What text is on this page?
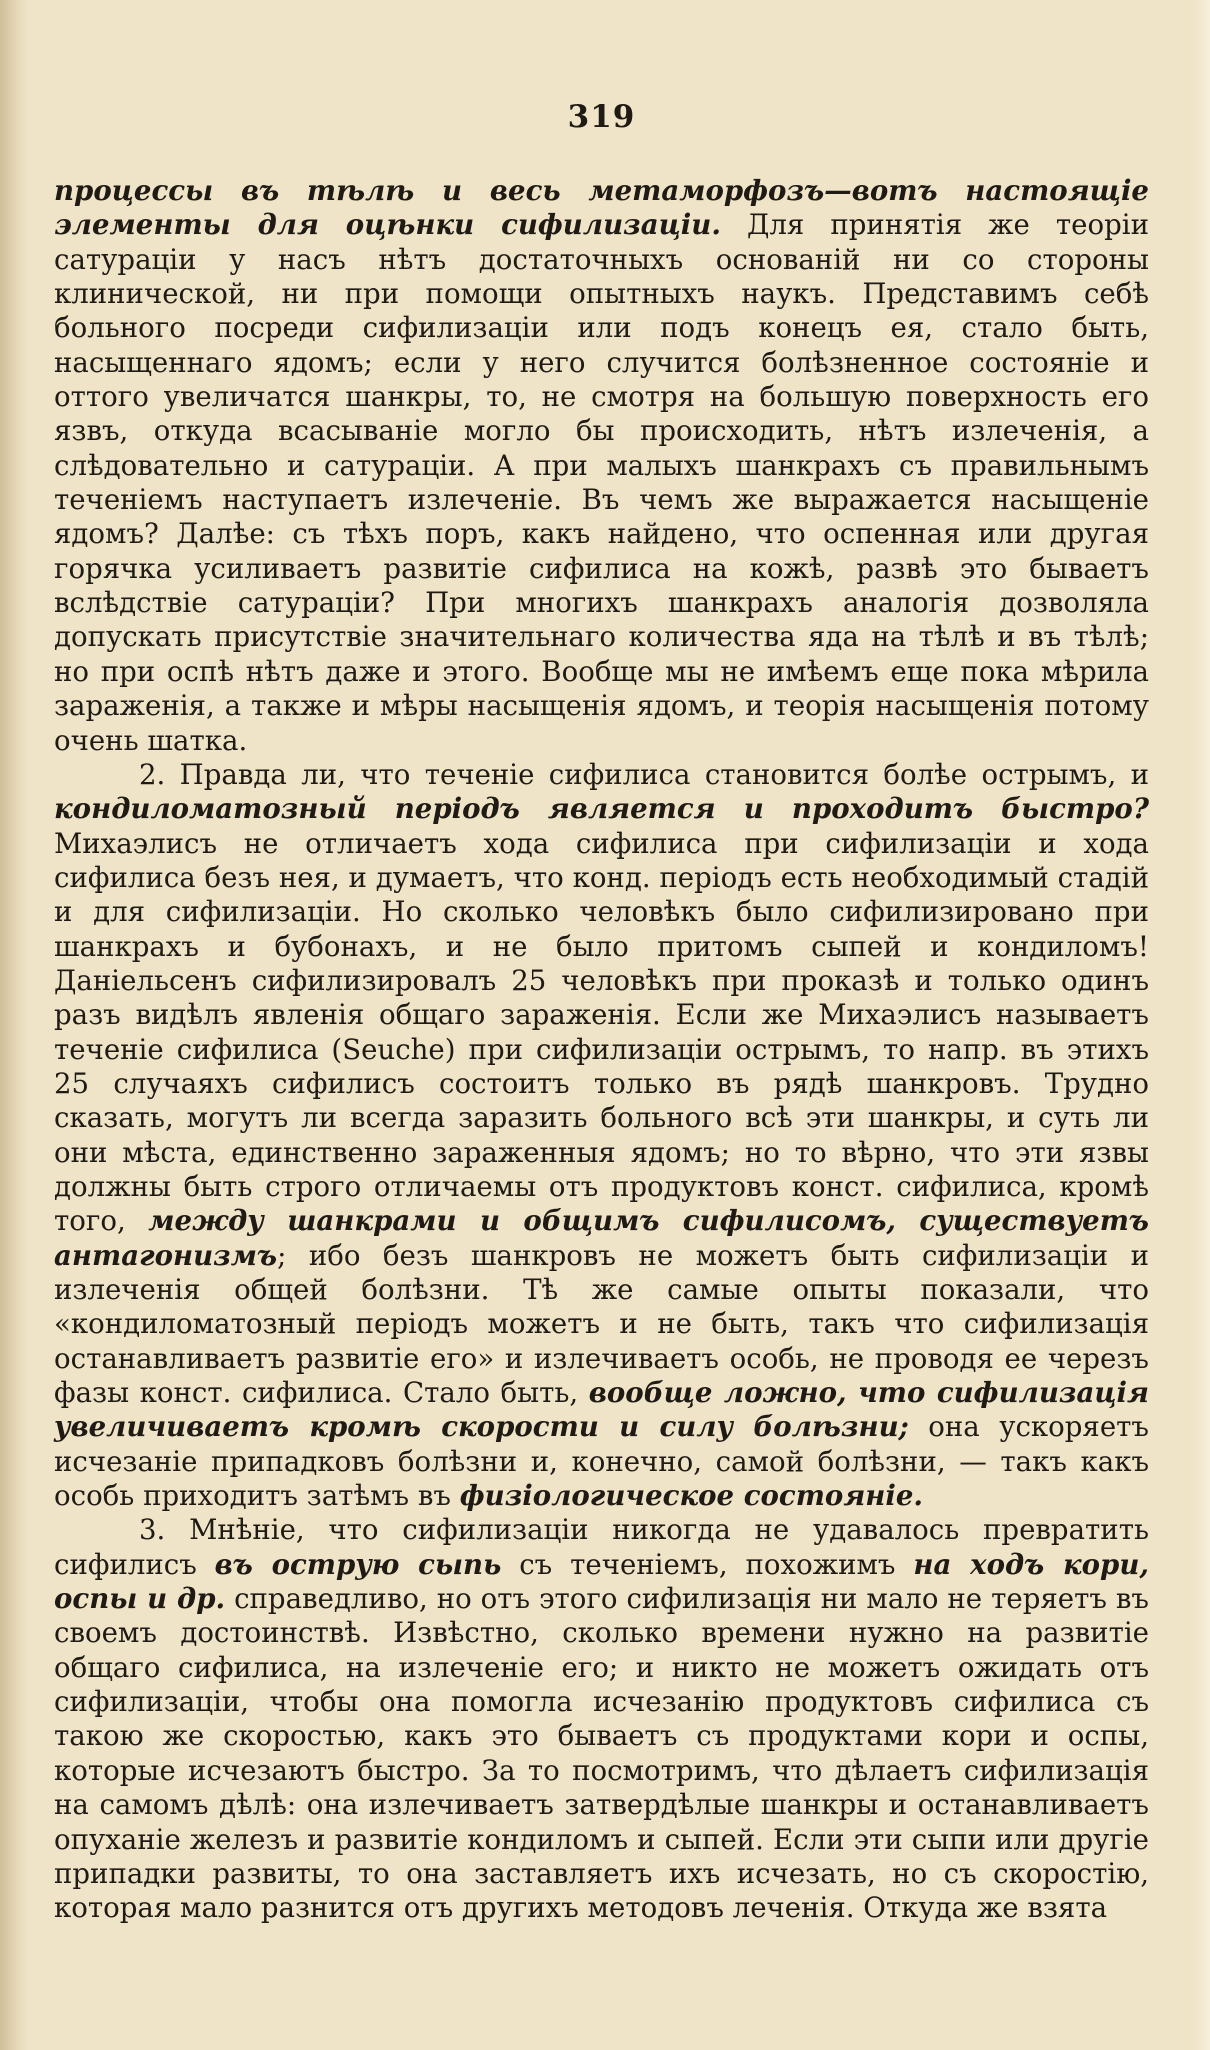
319

процессы въ тѣлѣ и весь метаморфозъ—вотъ настоящіе элементы для оцѣнки сифилизаціи. Для принятія же теоріи сатураціи у насъ нѣтъ достаточныхъ основаній ни со стороны клинической, ни при помощи опытныхъ наукъ. Представимъ себѣ больного посреди сифилизаціи или подъ конецъ ея, стало быть, насыщеннаго ядомъ; если у него случится болѣзненное состояніе и оттого увеличатся шанкры, то, не смотря на большую поверхность его язвъ, откуда всасываніе могло бы происходить, нѣтъ излеченія, а слѣдовательно и сатураціи. А при малыхъ шанкрахъ съ правильнымъ теченіемъ наступаетъ излеченіе. Въ чемъ же выражается насыщеніе ядомъ? Далѣе: съ тѣхъ поръ, какъ найдено, что оспенная или другая горячка усиливаетъ развитіе сифилиса на кожѣ, развѣ это бываетъ вслѣдствіе сатураціи? При многихъ шанкрахъ аналогія дозволяла допускать присутствіе значительнаго количества яда на тѣлѣ и въ тѣлѣ; но при оспѣ нѣтъ даже и этого. Вообще мы не имѣемъ еще пока мѣрила зараженія, а также и мѣры насыщенія ядомъ, и теорія насыщенія потому очень шатка.

2. Правда ли, что теченіе сифилиса становится болѣе острымъ, и кондиломатозный періодъ является и проходитъ быстро? Михаэлисъ не отличаетъ хода сифилиса при сифилизаціи и хода сифилиса безъ нея, и думаетъ, что конд. періодъ есть необходимый стадій и для сифилизаціи. Но сколько человѣкъ было сифилизировано при шанкрахъ и бубонахъ, и не было притомъ сыпей и кондиломъ! Даніельсенъ сифилизировалъ 25 человѣкъ при проказѣ и только одинъ разъ видѣлъ явленія общаго зараженія. Если же Михаэлисъ называетъ теченіе сифилиса (Seuche) при сифилизаціи острымъ, то напр. въ этихъ 25 случаяхъ сифилисъ состоитъ только въ рядѣ шанкровъ. Трудно сказать, могутъ ли всегда заразить больного всѣ эти шанкры, и суть ли они мѣста, единственно зараженныя ядомъ; но то вѣрно, что эти язвы должны быть строго отличаемы отъ продуктовъ конст. сифилиса, кромѣ того, между шанкрами и общимъ сифилисомъ, существуетъ антагонизмъ; ибо безъ шанкровъ не можетъ быть сифилизаціи и излеченія общей болѣзни. Тѣ же самые опыты показали, что «кондиломатозный періодъ можетъ и не быть, такъ что сифилизація останавливаетъ развитіе его» и излечиваетъ особь, не проводя ее черезъ фазы конст. сифилиса. Стало быть, вообще ложно, что сифилизація увеличиваетъ кромѣ скорости и силу болѣзни; она ускоряетъ исчезаніе припадковъ болѣзни и, конечно, самой болѣзни, — такъ какъ особь приходитъ затѣмъ въ физіологическое состояніе.

3. Мнѣніе, что сифилизаціи никогда не удавалось превратить сифилисъ въ острую сыпь съ теченіемъ, похожимъ на ходъ кори, оспы и др. справедливо, но отъ этого сифилизація ни мало не теряетъ въ своемъ достоинствѣ. Извѣстно, сколько времени нужно на развитіе общаго сифилиса, на излеченіе его; и никто не можетъ ожидать отъ сифилизаціи, чтобы она помогла исчезанію продуктовъ сифилиса съ такою же скоростью, какъ это бываетъ съ продуктами кори и оспы, которые исчезаютъ быстро. За то посмотримъ, что дѣлаетъ сифилизація на самомъ дѣлѣ: она излечиваетъ затвердѣлые шанкры и останавливаетъ опуханіе железъ и развитіе кондиломъ и сыпей. Если эти сыпи или другіе припадки развиты, то она заставляетъ ихъ исчезать, но съ скоростію, которая мало разнится отъ другихъ методовъ леченія. Откуда же взята
